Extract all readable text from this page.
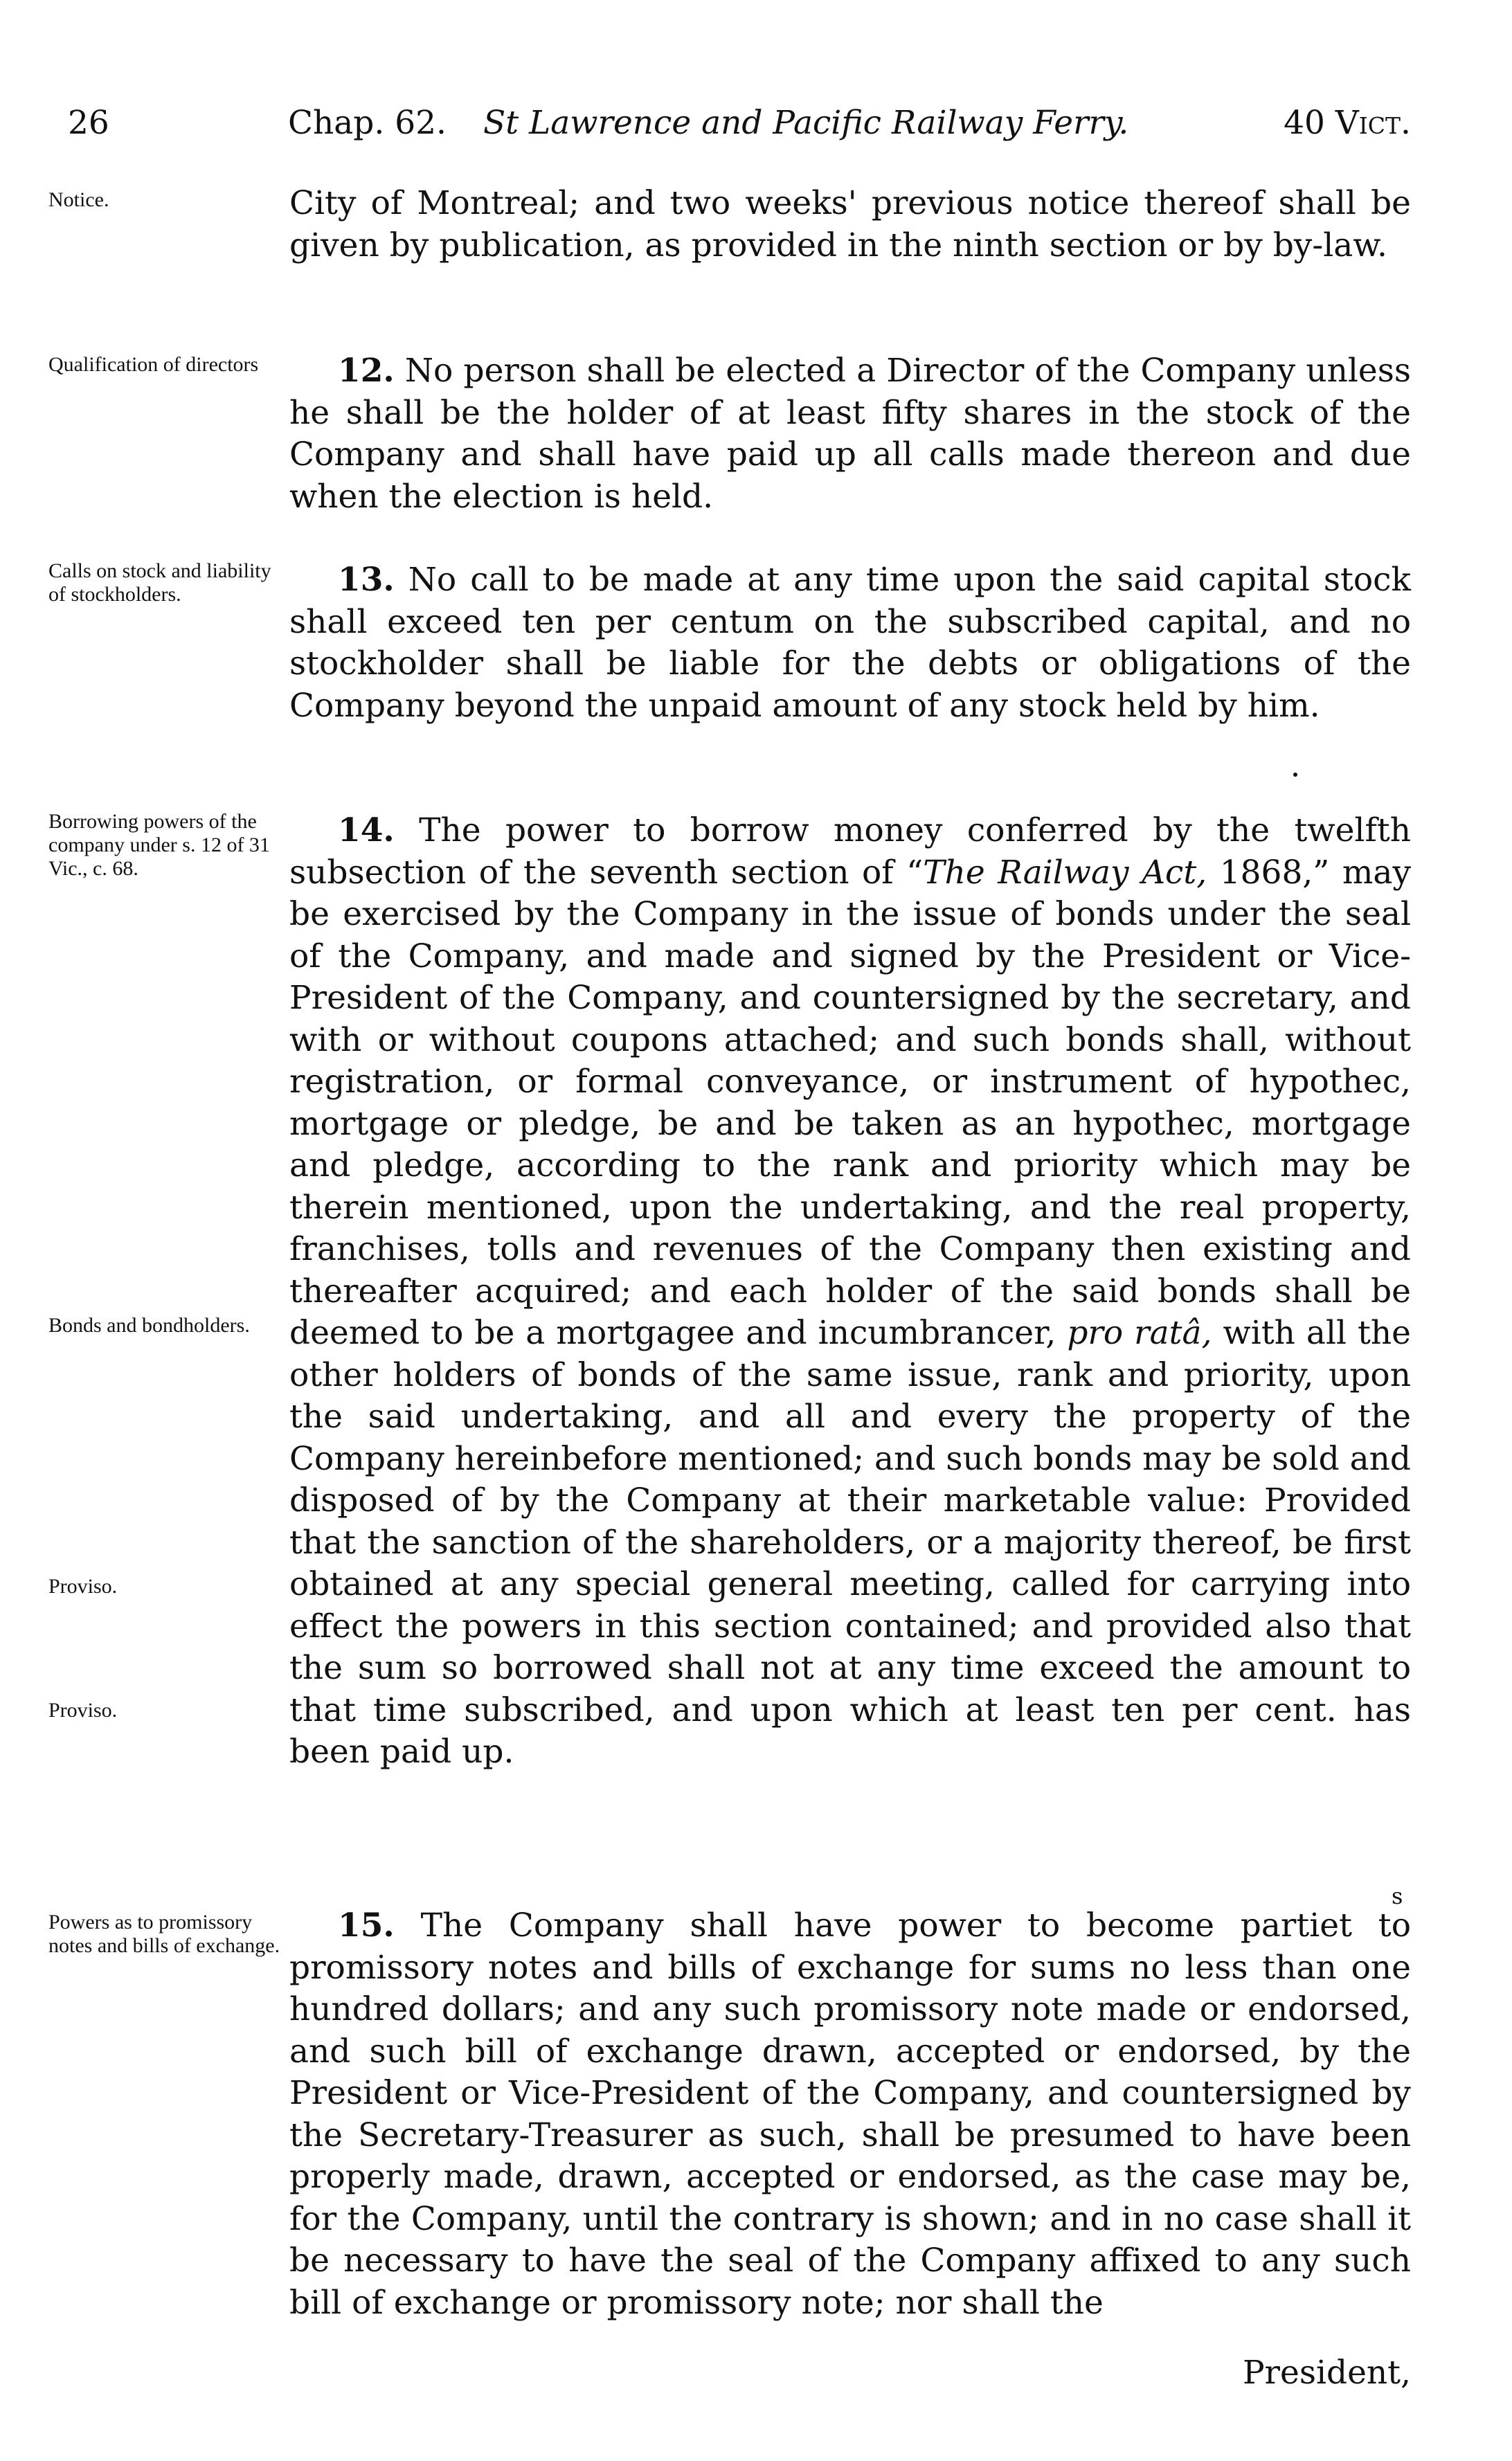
26	Chap. 62. St Lawrence and Pacific Railway Ferry.	40 Vict.
Notice.
Qualification of directors
Calls on stock and liability of stockholders.
Borrowing powers of the company under s. 12 of 31 Vic., c. 68.
Bonds and bondholders.
Proviso.
Proviso.
Powers as to promissory notes and bills of exchange.
City of Montreal; and two weeks' previous notice thereof shall be given by publication, as provided in the ninth section or by by-law.
12. No person shall be elected a Director of the Company unless he shall be the holder of at least fifty shares in the stock of the Company and shall have paid up all calls made thereon and due when the election is held.
13. No call to be made at any time upon the said capital stock shall exceed ten per centum on the subscribed capital, and no stockholder shall be liable for the debts or obligations of the Company beyond the unpaid amount of any stock held by him.
14. The power to borrow money conferred by the twelfth subsection of the seventh section of “The Railway Act, 1868,” may be exercised by the Company in the issue of bonds under the seal of the Company, and made and signed by the President or Vice-President of the Company, and countersigned by the secretary, and with or without coupons attached; and such bonds shall, without registration, or formal conveyance, or instrument of hypothec, mortgage or pledge, be and be taken as an hypothec, mortgage and pledge, according to the rank and priority which may be therein mentioned, upon the undertaking, and the real property, franchises, tolls and revenues of the Company then existing and thereafter acquired; and each holder of the said bonds shall be deemed to be a mortgagee and incumbrancer, pro ratâ, with all the other holders of bonds of the same issue, rank and priority, upon the said undertaking, and all and every the property of the Company hereinbefore mentioned; and such bonds may be sold and disposed of by the Company at their marketable value: Provided that the sanction of the shareholders, or a majority thereof, be first obtained at any special general meeting, called for carrying into effect the powers in this section contained; and provided also that the sum so borrowed shall not at any time exceed the amount to that time subscribed, and upon which at least ten per cent. has been paid up.
s
15. The Company shall have power to become partiet to promissory notes and bills of exchange for sums no less than one hundred dollars; and any such promissory note made or endorsed, and such bill of exchange drawn, accepted or endorsed, by the President or Vice-President of the Company, and countersigned by the Secretary-Treasurer as such, shall be presumed to have been properly made, drawn, accepted or endorsed, as the case may be, for the Company, until the contrary is shown; and in no case shall it be necessary to have the seal of the Company affixed to any such bill of exchange or promissory note; nor shall the
President,
